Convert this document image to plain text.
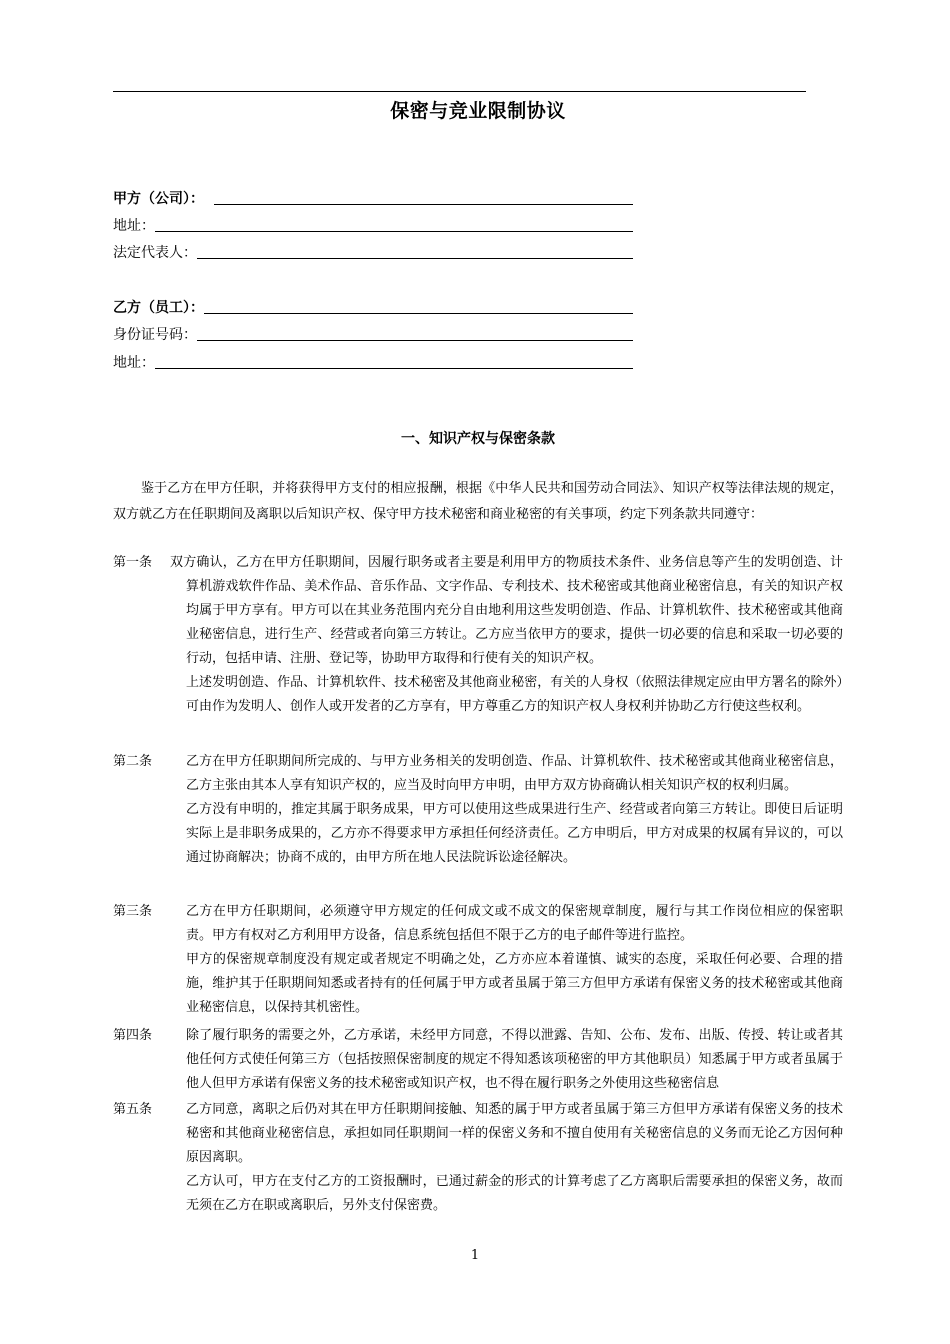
保密与竞业限制协议
甲方（公司）：
地址：
法定代表人：
乙方（员工）：
身份证号码：
地址：
一、知识产权与保密条款
鉴于乙方在甲方任职，并将获得甲方支付的相应报酬，根据《中华人民共和国劳动合同法》、知识产权等法律法规的规定，双方就乙方在任职期间及离职以后知识产权、保守甲方技术秘密和商业秘密的有关事项，约定下列条款共同遵守：
第一条 双方确认，乙方在甲方任职期间，因履行职务或者主要是利用甲方的物质技术条件、业务信息等产生的发明创造、计算机游戏软件作品、美术作品、音乐作品、文字作品、专利技术、技术秘密或其他商业秘密信息，有关的知识产权均属于甲方享有。甲方可以在其业务范围内充分自由地利用这些发明创造、作品、计算机软件、技术秘密或其他商业秘密信息，进行生产、经营或者向第三方转让。乙方应当依甲方的要求，提供一切必要的信息和采取一切必要的行动，包括申请、注册、登记等，协助甲方取得和行使有关的知识产权。

上述发明创造、作品、计算机软件、技术秘密及其他商业秘密，有关的人身权（依照法律规定应由甲方署名的除外）可由作为发明人、创作人或开发者的乙方享有，甲方尊重乙方的知识产权人身权利并协助乙方行使这些权利。

第二条	乙方在甲方任职期间所完成的、与甲方业务相关的发明创造、作品、计算机软件、技术秘密或其他商业秘密信息，乙方主张由其本人享有知识产权的，应当及时向甲方申明，由甲方双方协商确认相关知识产权的权利归属。

乙方没有申明的，推定其属于职务成果，甲方可以使用这些成果进行生产、经营或者向第三方转让。即使日后证明实际上是非职务成果的，乙方亦不得要求甲方承担任何经济责任。乙方申明后，甲方对成果的权属有异议的，可以通过协商解决；协商不成的，由甲方所在地人民法院诉讼途径解决。

第三条	乙方在甲方任职期间，必须遵守甲方规定的任何成文或不成文的保密规章制度，履行与其工作岗位相应的保密职责。甲方有权对乙方利用甲方设备，信息系统包括但不限于乙方的电子邮件等进行监控。

甲方的保密规章制度没有规定或者规定不明确之处，乙方亦应本着谨慎、诚实的态度，采取任何必要、合理的措施，维护其于任职期间知悉或者持有的任何属于甲方或者虽属于第三方但甲方承诺有保密义务的技术秘密或其他商业秘密信息，以保持其机密性。

第四条	除了履行职务的需要之外，乙方承诺，未经甲方同意，不得以泄露、告知、公布、发布、出版、传授、转让或者其他任何方式使任何第三方（包括按照保密制度的规定不得知悉该项秘密的甲方其他职员）知悉属于甲方或者虽属于他人但甲方承诺有保密义务的技术秘密或知识产权，也不得在履行职务之外使用这些秘密信息

第五条	乙方同意，离职之后仍对其在甲方任职期间接触、知悉的属于甲方或者虽属于第三方但甲方承诺有保密义务的技术秘密和其他商业秘密信息，承担如同任职期间一样的保密义务和不擅自使用有关秘密信息的义务而无论乙方因何种原因离职。

乙方认可，甲方在支付乙方的工资报酬时，已通过薪金的形式的计算考虑了乙方离职后需要承担的保密义务，故而无须在乙方在职或离职后，另外支付保密费。

1
